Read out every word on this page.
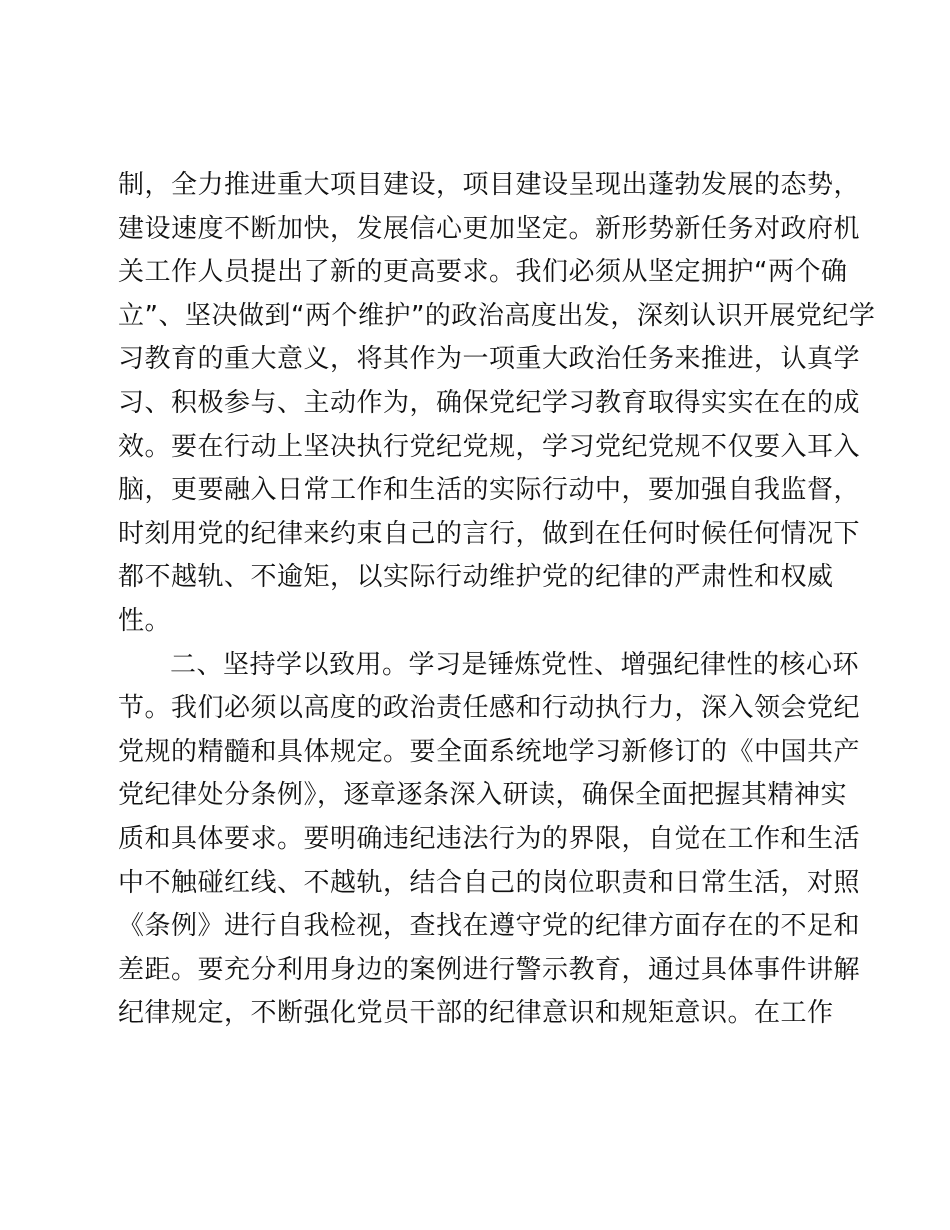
制，全力推进重大项目建设，项目建设呈现出蓬勃发展的态势，
建设速度不断加快，发展信心更加坚定。新形势新任务对政府机
关工作人员提出了新的更高要求。我们必须从坚定拥护“两个确
立”、坚决做到“两个维护”的政治高度出发，深刻认识开展党纪学
习教育的重大意义，将其作为一项重大政治任务来推进，认真学
习、积极参与、主动作为，确保党纪学习教育取得实实在在的成
效。要在行动上坚决执行党纪党规，学习党纪党规不仅要入耳入
脑，更要融入日常工作和生活的实际行动中，要加强自我监督，
时刻用党的纪律来约束自己的言行，做到在任何时候任何情况下
都不越轨、不逾矩，以实际行动维护党的纪律的严肃性和权威
性。
二、坚持学以致用。学习是锤炼党性、增强纪律性的核心环
节。我们必须以高度的政治责任感和行动执行力，深入领会党纪
党规的精髓和具体规定。要全面系统地学习新修订的《中国共产
党纪律处分条例》，逐章逐条深入研读，确保全面把握其精神实
质和具体要求。要明确违纪违法行为的界限，自觉在工作和生活
中不触碰红线、不越轨，结合自己的岗位职责和日常生活，对照
《条例》进行自我检视，查找在遵守党的纪律方面存在的不足和
差距。要充分利用身边的案例进行警示教育，通过具体事件讲解
纪律规定，不断强化党员干部的纪律意识和规矩意识。在工作
